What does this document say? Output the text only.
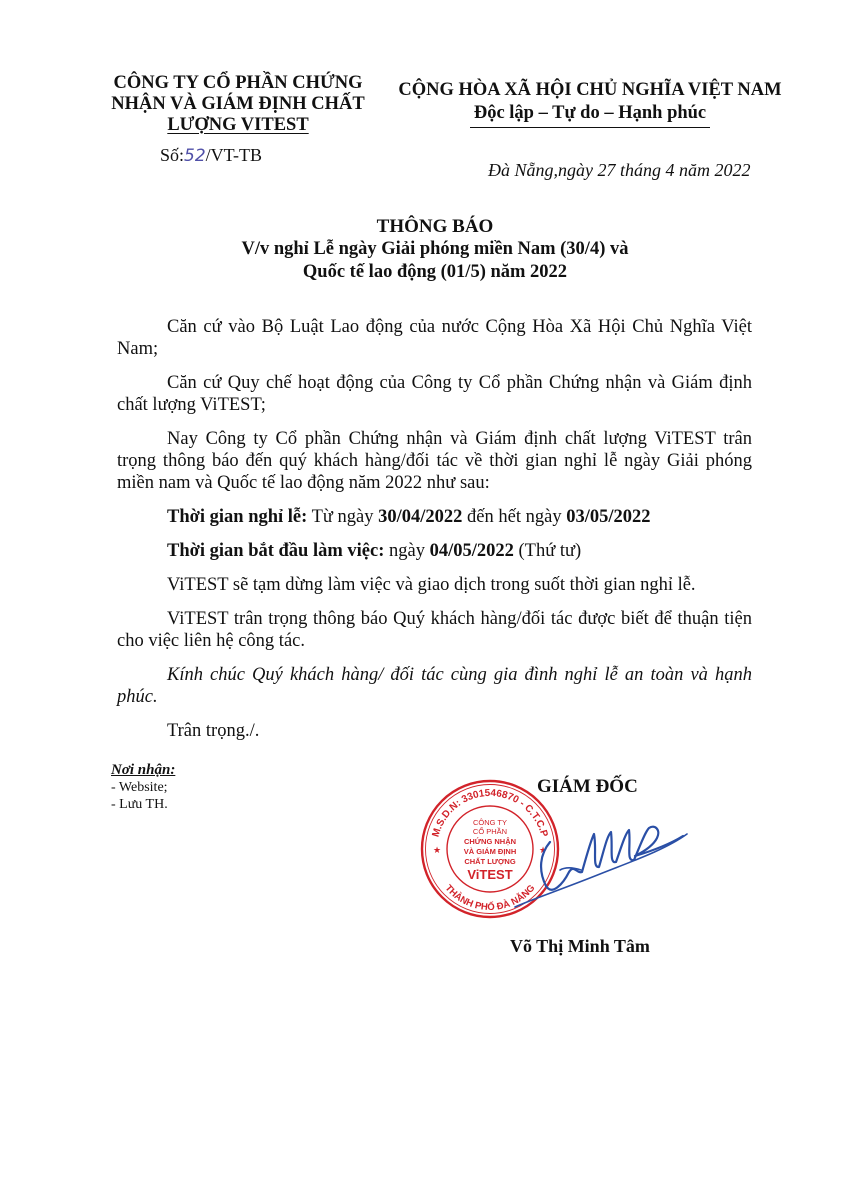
CÔNG TY CỔ PHẦN CHỨNG
NHẬN VÀ GIÁM ĐỊNH CHẤT
LƯỢNG VITEST
Số:52/VT-TB
CỘNG HÒA XÃ HỘI CHỦ NGHĨA VIỆT NAM
Độc lập – Tự do – Hạnh phúc
Đà Nẵng,ngày 27 tháng 4 năm 2022
THÔNG BÁO
V/v nghỉ Lễ ngày Giải phóng miền Nam (30/4) và
Quốc tế lao động (01/5) năm 2022

Căn cứ vào Bộ Luật Lao động của nước Cộng Hòa Xã Hội Chủ Nghĩa Việt Nam;

Căn cứ Quy chế hoạt động của Công ty Cổ phần Chứng nhận và Giám định chất lượng ViTEST;

Nay Công ty Cổ phần Chứng nhận và Giám định chất lượng ViTEST trân trọng thông báo đến quý khách hàng/đối tác về thời gian nghỉ lễ ngày Giải phóng miền nam và Quốc tế lao động năm 2022 như sau:

Thời gian nghỉ lễ: Từ ngày 30/04/2022 đến hết ngày 03/05/2022

Thời gian bắt đầu làm việc: ngày 04/05/2022 (Thứ tư)

ViTEST sẽ tạm dừng làm việc và giao dịch trong suốt thời gian nghỉ lễ.

ViTEST trân trọng thông báo Quý khách hàng/đối tác được biết để thuận tiện cho việc liên hệ công tác.

Kính chúc Quý khách hàng/ đối tác cùng gia đình nghỉ lễ an toàn và hạnh phúc.

Trân trọng./.

Nơi nhận:
- Website;
- Lưu TH.
GIÁM ĐỐC
M.S.D.N: 3301546870 - C.T.C.P
THÀNH PHỐ ĐÀ NẴNG
★	★
CÔNG TY
CỔ PHẦN
CHỨNG NHẬN
VÀ GIÁM ĐỊNH
CHẤT LƯỢNG
ViTEST
Võ Thị Minh Tâm
